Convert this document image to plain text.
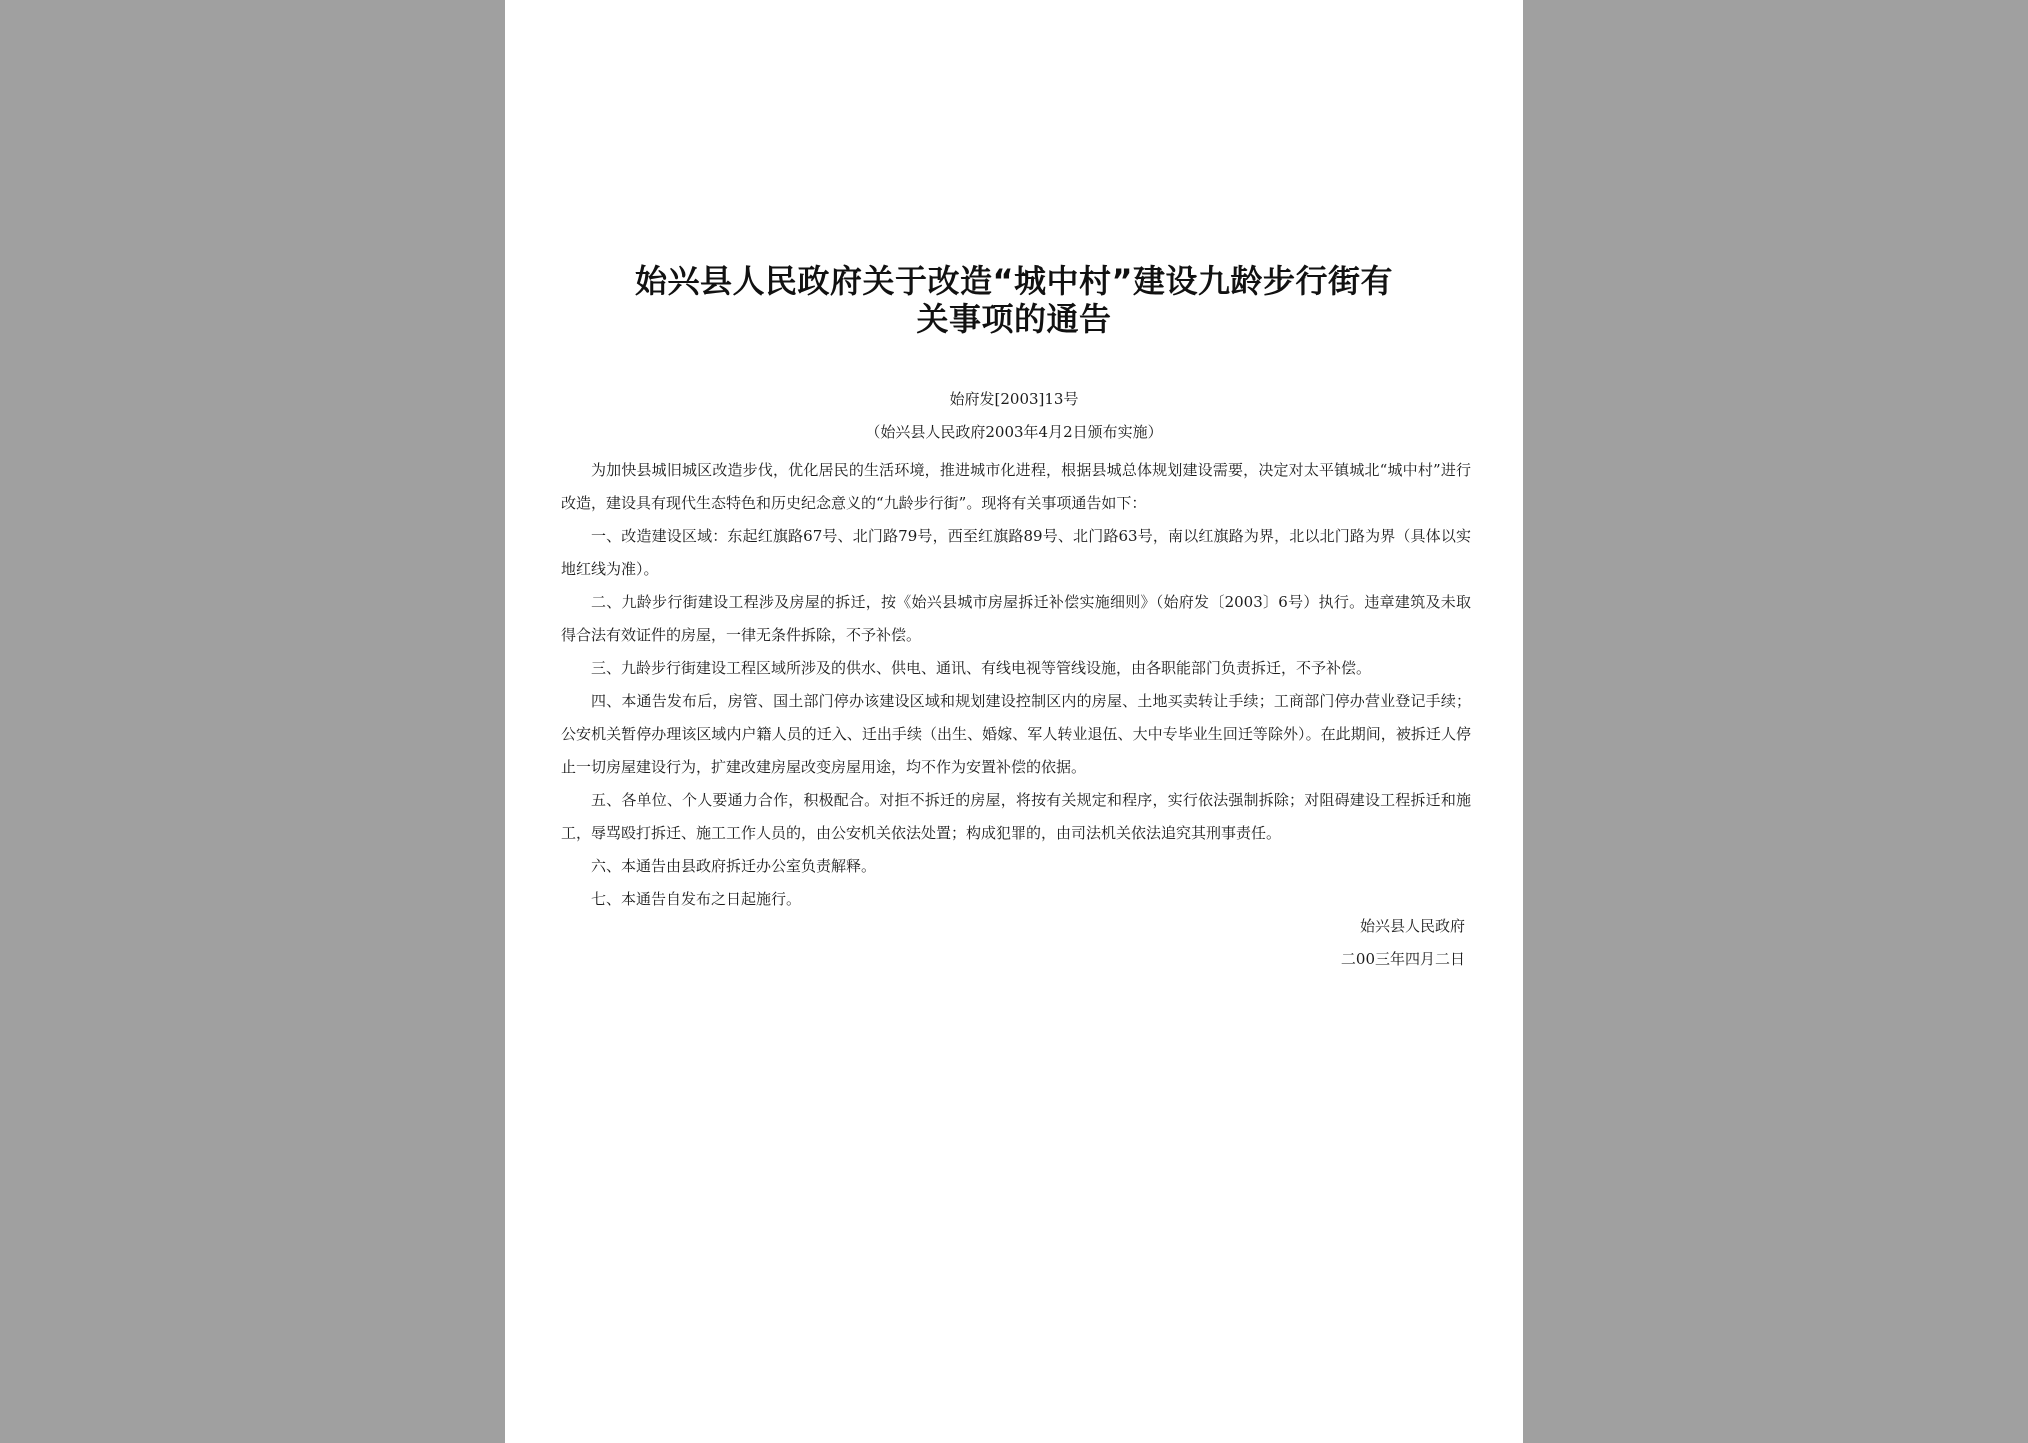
始兴县人民政府关于改造“城中村”建设九龄步行街有
关事项的通告
始府发[2003]13号
（始兴县人民政府2003年4月2日颁布实施）

为加快县城旧城区改造步伐，优化居民的生活环境，推进城市化进程，根据县城总体规划建设需要，决定对太平镇城北“城中村”进行改造，建设具有现代生态特色和历史纪念意义的“九龄步行街”。现将有关事项通告如下：

一、改造建设区域：东起红旗路67号、北门路79号，西至红旗路89号、北门路63号，南以红旗路为界，北以北门路为界（具体以实地红线为准）。

二、九龄步行街建设工程涉及房屋的拆迁，按《始兴县城市房屋拆迁补偿实施细则》（始府发〔2003〕6号）执行。违章建筑及未取得合法有效证件的房屋，一律无条件拆除，不予补偿。

三、九龄步行街建设工程区域所涉及的供水、供电、通讯、有线电视等管线设施，由各职能部门负责拆迁，不予补偿。

四、本通告发布后，房管、国土部门停办该建设区域和规划建设控制区内的房屋、土地买卖转让手续；工商部门停办营业登记手续；公安机关暂停办理该区域内户籍人员的迁入、迁出手续（出生、婚嫁、军人转业退伍、大中专毕业生回迁等除外）。在此期间，被拆迁人停止一切房屋建设行为，扩建改建房屋改变房屋用途，均不作为安置补偿的依据。

五、各单位、个人要通力合作，积极配合。对拒不拆迁的房屋，将按有关规定和程序，实行依法强制拆除；对阻碍建设工程拆迁和施工，辱骂殴打拆迁、施工工作人员的，由公安机关依法处置；构成犯罪的，由司法机关依法追究其刑事责任。

六、本通告由县政府拆迁办公室负责解释。

七、本通告自发布之日起施行。

始兴县人民政府
二00三年四月二日
